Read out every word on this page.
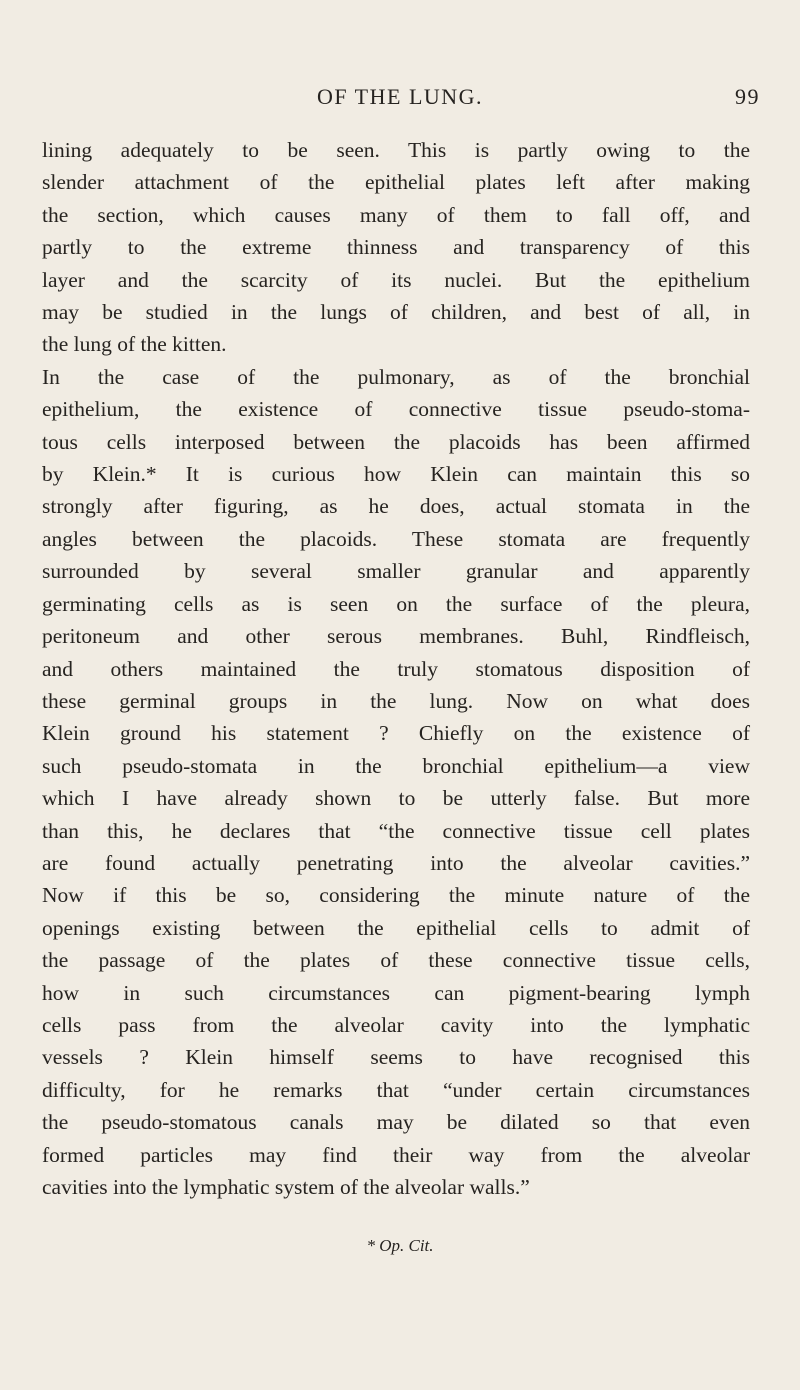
OF THE LUNG.	99
lining adequately to be seen. This is partly owing to the
slender attachment of the epithelial plates left after making
the section, which causes many of them to fall off, and
partly to the extreme thinness and transparency of this
layer and the scarcity of its nuclei. But the epithelium
may be studied in the lungs of children, and best of all, in
the lung of the kitten.
In the case of the pulmonary, as of the bronchial
epithelium, the existence of connective tissue pseudo-stoma-
tous cells interposed between the placoids has been affirmed
by Klein.* It is curious how Klein can maintain this so
strongly after figuring, as he does, actual stomata in the
angles between the placoids. These stomata are frequently
surrounded by several smaller granular and apparently
germinating cells as is seen on the surface of the pleura,
peritoneum and other serous membranes. Buhl, Rindfleisch,
and others maintained the truly stomatous disposition of
these germinal groups in the lung. Now on what does
Klein ground his statement ? Chiefly on the existence of
such pseudo-stomata in the bronchial epithelium—a view
which I have already shown to be utterly false. But more
than this, he declares that “the connective tissue cell plates
are found actually penetrating into the alveolar cavities.”
Now if this be so, considering the minute nature of the
openings existing between the epithelial cells to admit of
the passage of the plates of these connective tissue cells,
how in such circumstances can pigment-bearing lymph
cells pass from the alveolar cavity into the lymphatic
vessels ? Klein himself seems to have recognised this
difficulty, for he remarks that “under certain circumstances
the pseudo-stomatous canals may be dilated so that even
formed particles may find their way from the alveolar
cavities into the lymphatic system of the alveolar walls.”
* Op. Cit.
